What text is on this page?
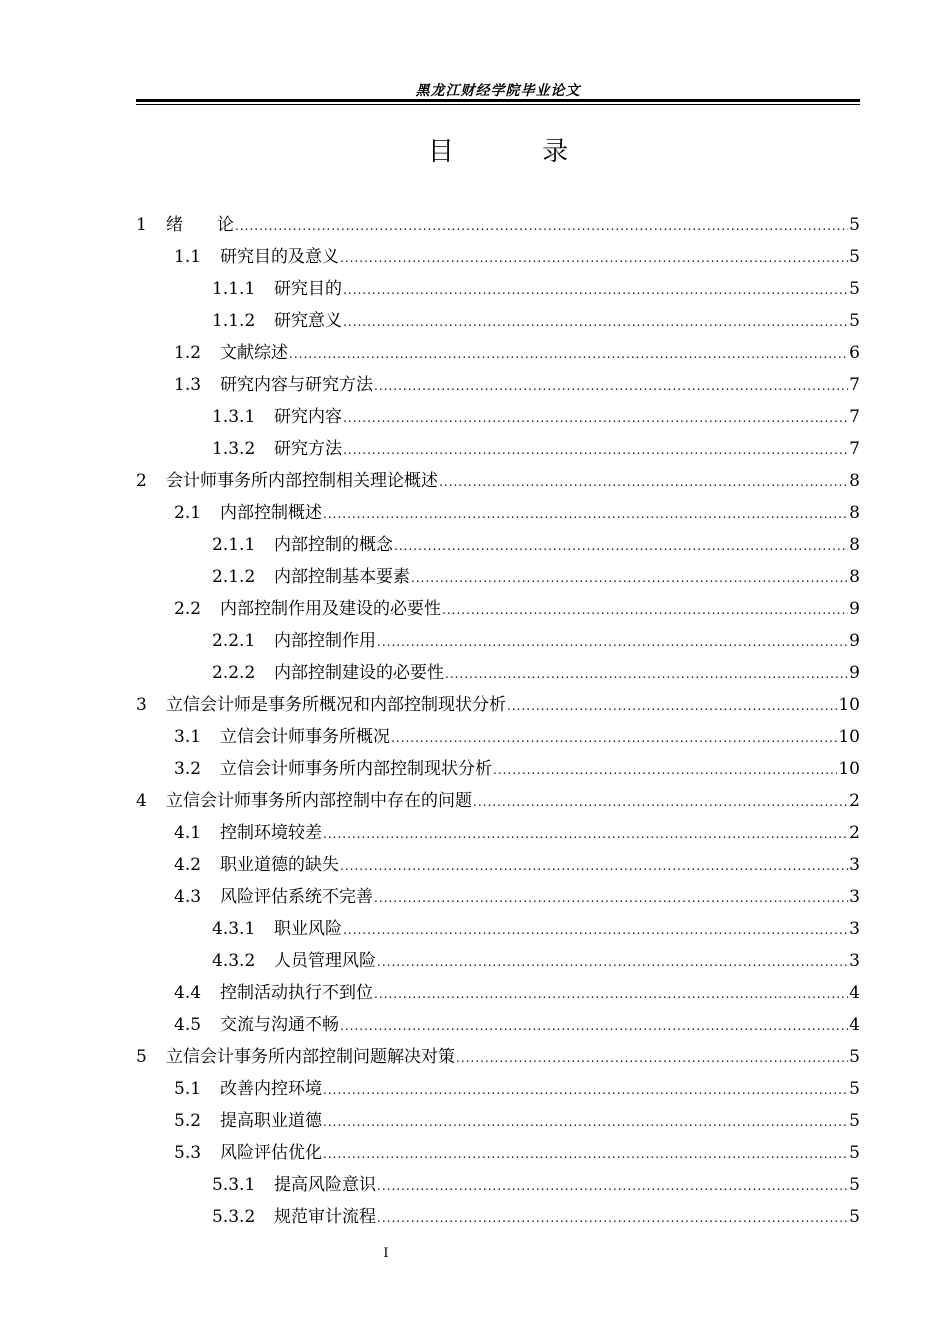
黑龙江财经学院毕业论文
目 录
1	绪　　论 .....	5
1.1	研究目的及意义 .....	5
1.1.1	研究目的 .....	5
1.1.2	研究意义 .....	5
1.2	文献综述 .....	6
1.3	研究内容与研究方法 .....	7
1.3.1	研究内容 .....	7
1.3.2	研究方法 .....	7
2	会计师事务所内部控制相关理论概述 .....	8
2.1	内部控制概述 .....	8
2.1.1	内部控制的概念 .....	8
2.1.2	内部控制基本要素 .....	8
2.2	内部控制作用及建设的必要性 .....	9
2.2.1	内部控制作用 .....	9
2.2.2	内部控制建设的必要性 .....	9
3	立信会计师是事务所概况和内部控制现状分析 .....	10
3.1	立信会计师事务所概况 .....	10
3.2	立信会计师事务所内部控制现状分析 .....	10
4	立信会计师事务所内部控制中存在的问题 .....	2
4.1	控制环境较差 .....	2
4.2	职业道德的缺失 .....	3
4.3	风险评估系统不完善 .....	3
4.3.1	职业风险 .....	3
4.3.2	人员管理风险 .....	3
4.4	控制活动执行不到位 .....	4
4.5	交流与沟通不畅 .....	4
5	立信会计事务所内部控制问题解决对策 .....	5
5.1	改善内控环境 .....	5
5.2	提高职业道德 .....	5
5.3	风险评估优化 .....	5
5.3.1	提高风险意识 .....	5
5.3.2	规范审计流程 .....	5
I
